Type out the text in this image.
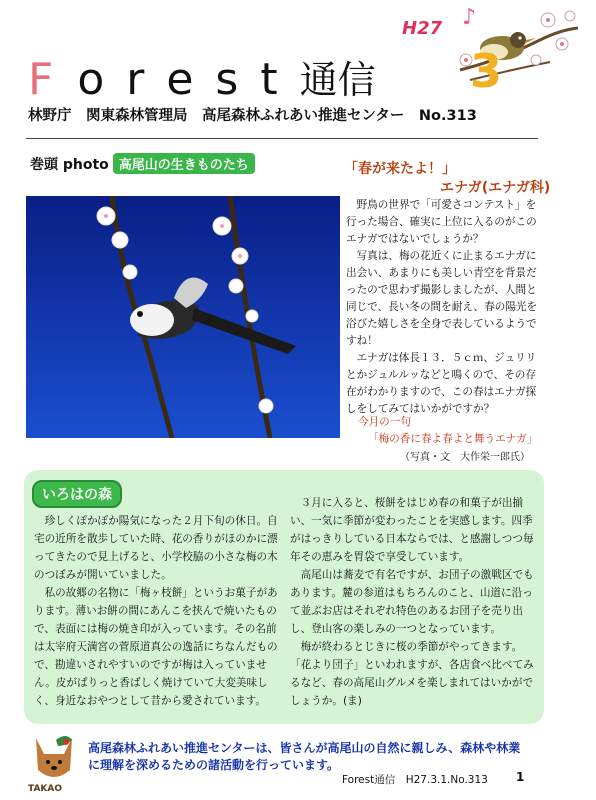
F o r e s t 通信
♪
H27
3
林野庁　関東森林管理局　高尾森林ふれあい推進センター　No.313
巻頭 photo 高尾山の生きものたち	「春が来たよ！」
エナガ(エナガ科)

野鳥の世界で「可愛さコンテスト」を行った場合、確実に上位に入るのがこのエナガではないでしょうか？

写真は、梅の花近くに止まるエナガに出会い、あまりにも美しい青空を背景だったので思わず撮影しましたが、人間と同じで、長い冬の間を耐え、春の陽光を浴びた嬉しさを全身で表しているようですね！

エナガは体長１３．５ｃｍ、ジュリリとかジュルルッなどと鳴くので、その存在がわかりますので、この春はエナガ探しをしてみてはいかがですか？

今月の一句
「梅の香に春よ春よと舞うエナガ」
（写真・文　大作栄一郎氏）
いろはの森

珍しくぽかぽか陽気になった２月下旬の休日。自宅の近所を散歩していた時、花の香りがほのかに漂ってきたので見上げると、小学校脇の小さな梅の木のつぼみが開いていました。

私の故郷の名物に「梅ヶ枝餅」というお菓子があります。薄いお餅の間にあんこを挟んで焼いたもので、表面には梅の焼き印が入っています。その名前は太宰府天満宮の菅原道真公の逸話にちなんだもので、勘違いされやすいのですが梅は入っていません。皮がぱりっと香ばしく焼けていて大変美味しく、身近なおやつとして昔から愛されています。

３月に入ると、桜餅をはじめ春の和菓子が出揃い、一気に季節が変わったことを実感します。四季がはっきりしている日本ならでは、と感謝しつつ毎年その恵みを胃袋で享受しています。

高尾山は蕎麦で有名ですが、お団子の激戦区でもあります。麓の参道はもちろんのこと、山道に沿って並ぶお店はそれぞれ特色のあるお団子を売り出し、登山客の楽しみの一つとなっています。

梅が終わるとじきに桜の季節がやってきます。「花より団子」といわれますが、各店食べ比べてみるなど、春の高尾山グルメを楽しまれてはいかがでしょうか。(ま)

TAKAO
高尾森林ふれあい推進センターは、皆さんが高尾山の自然に親しみ、森林や林業に理解を深めるための諸活動を行っています。
Forest通信　H27.3.1.No.313 1
